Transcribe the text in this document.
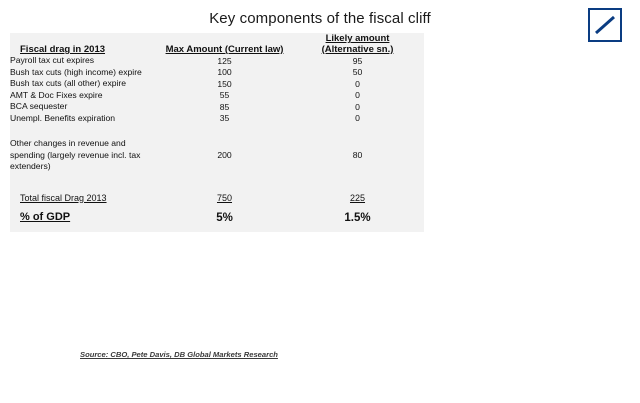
Key components of the fiscal cliff
Fiscal drag in 2013	Max Amount (Current law)	Likely amount
(Alternative sn.)

Payroll tax cut expires	125	95
Bush tax cuts (high income) expire	100	50
Bush tax cuts (all other) expire	150	0
AMT & Doc Fixes expire	55	0
BCA sequester	85	0
Unempl. Benefits expiration	35	0

Other changes in revenue and spending (largely revenue incl. tax extenders)	200	80

Total fiscal Drag 2013	750	225
% of GDP	5%	1.5%
Source: CBO, Pete Davis, DB Global Markets Research
